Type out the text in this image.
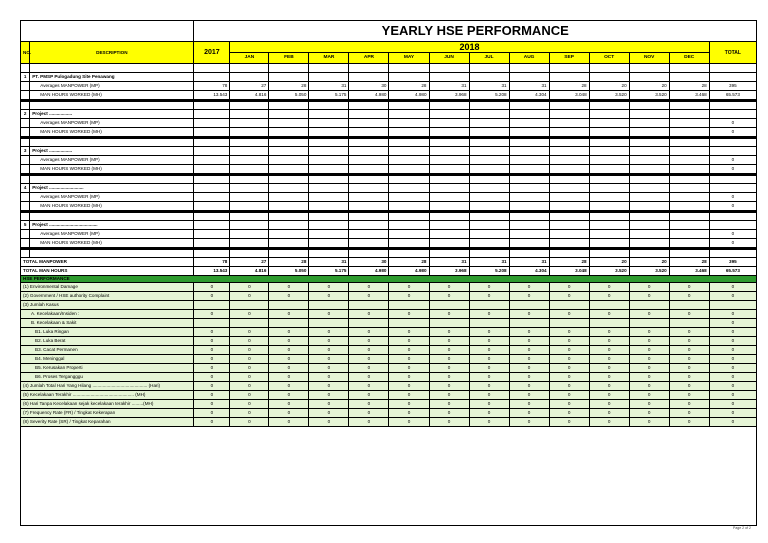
		YEARLY HSE PERFORMANCE													
NO.	DESCRIPTION	2017	2018												TOTAL
			JAN	FEB	MAR	APR	MAY	JUN	JUL	AUG	SEP	OCT	NOV	DEC	

1	PT. PMSP Pulogadung Site Penawang														
	Averages MANPOWER (MP)	78	27	28	31	30	28	31	31	31	28	20	20	28	395
	MAN HOURS WORKED (MH)	13.543	4.816	5.050	5.175	4.980	4.980	3.968	5.208	4.304	3.048	3.520	3.520	3.468	65.573

2	Project ..................														
	Averages MANPOWER (MP)														0
	MAN HOURS WORKED (MH)														0

3	Project ..................														
	Averages MANPOWER (MP)														0
	MAN HOURS WORKED (MH)														0

4	Project ...........................														
	Averages MANPOWER (MP)														0
	MAN HOURS WORKED (MH)														0

5	Project ......................................														
	Averages MANPOWER (MP)														0
	MAN HOURS WORKED (MH)														0

TOTAL MANPOWER		78	27	28	31	30	28	31	31	31	28	20	20	28	395
TOTAL MAN HOURS		13.543	4.816	5.050	5.175	4.980	4.980	3.968	5.208	4.304	3.048	3.520	3.520	3.468	65.573
HSE PERFORMANCE															
(1) Environmental Damage		0	0	0	0	0	0	0	0	0	0	0	0	0	0
(2) Government / HSE authority Complaint		0	0	0	0	0	0	0	0	0	0	0	0	0	0
(3) Jumlah Kasus															
A. Kecelakaan/Insiden :		0	0	0	0	0	0	0	0	0	0	0	0	0	0
B. Kecelakaan & Sakit															0
B1. Luka Ringan		0	0	0	0	0	0	0	0	0	0	0	0	0	0
B2. Luka Berat		0	0	0	0	0	0	0	0	0	0	0	0	0	0
B3. Cacat Permanen		0	0	0	0	0	0	0	0	0	0	0	0	0	0
B4. Meninggal		0	0	0	0	0	0	0	0	0	0	0	0	0	0
B5. Kerusakan Properti		0	0	0	0	0	0	0	0	0	0	0	0	0	0
B6. Proses Tergangggu		0	0	0	0	0	0	0	0	0	0	0	0	0	0
(4) Jumlah Total Hari Yang Hilang ........................................... (Hari)		0	0	0	0	0	0	0	0	0	0	0	0	0	0
(5) Kecelakaan Terakhir ................................................ (MH)		0	0	0	0	0	0	0	0	0	0	0	0	0	0
(6) Hari Tanpa Kecelakaan sejak kecelakaan terakhir .........(MH)		0	0	0	0	0	0	0	0	0	0	0	0	0	0
(7) Frequency Rate (FR) / Tingkat Kekerapan		0	0	0	0	0	0	0	0	0	0	0	0	0	0
(8) Severity Rate (SR) / Tingkat Keparahan		0	0	0	0	0	0	0	0	0	0	0	0	0	0
Page 2 of 2
